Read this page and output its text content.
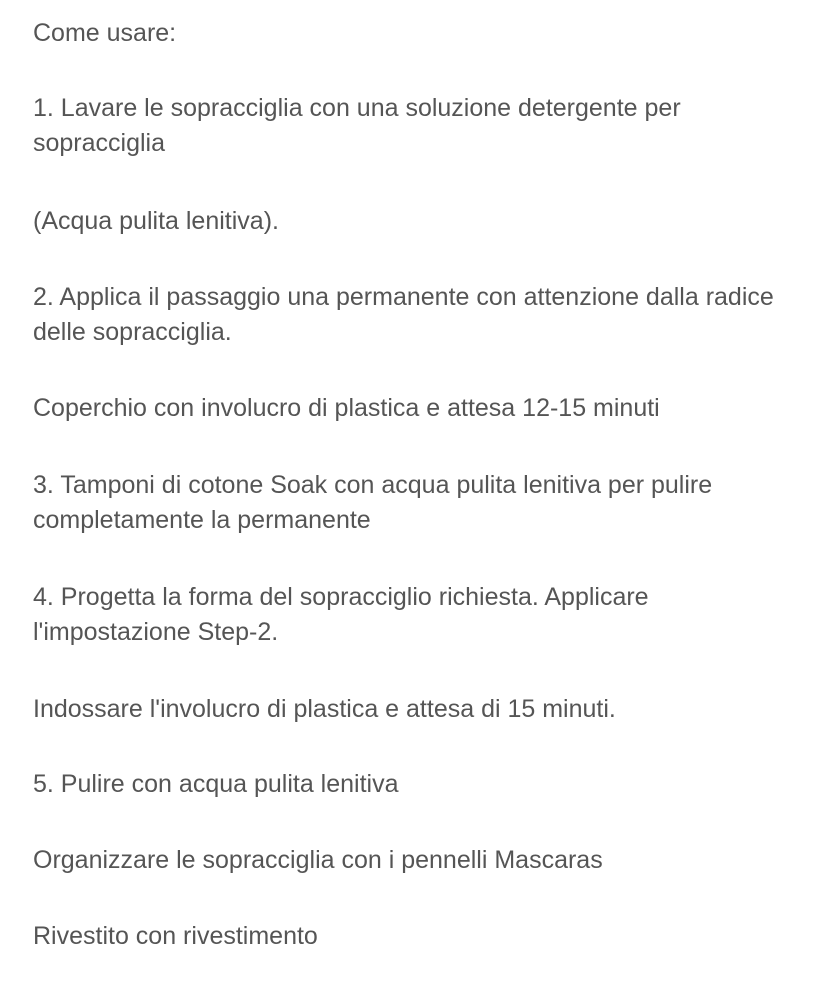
Come usare:

1. Lavare le sopracciglia con una soluzione detergente per sopracciglia

(Acqua pulita lenitiva).

2. Applica il passaggio una permanente con attenzione dalla radice delle sopracciglia.

Coperchio con involucro di plastica e attesa 12-15 minuti

3. Tamponi di cotone Soak con acqua pulita lenitiva per pulire completamente la permanente

4. Progetta la forma del sopracciglio richiesta. Applicare l'impostazione Step-2.

Indossare l'involucro di plastica e attesa di 15 minuti.

5. Pulire con acqua pulita lenitiva

Organizzare le sopracciglia con i pennelli Mascaras

Rivestito con rivestimento
